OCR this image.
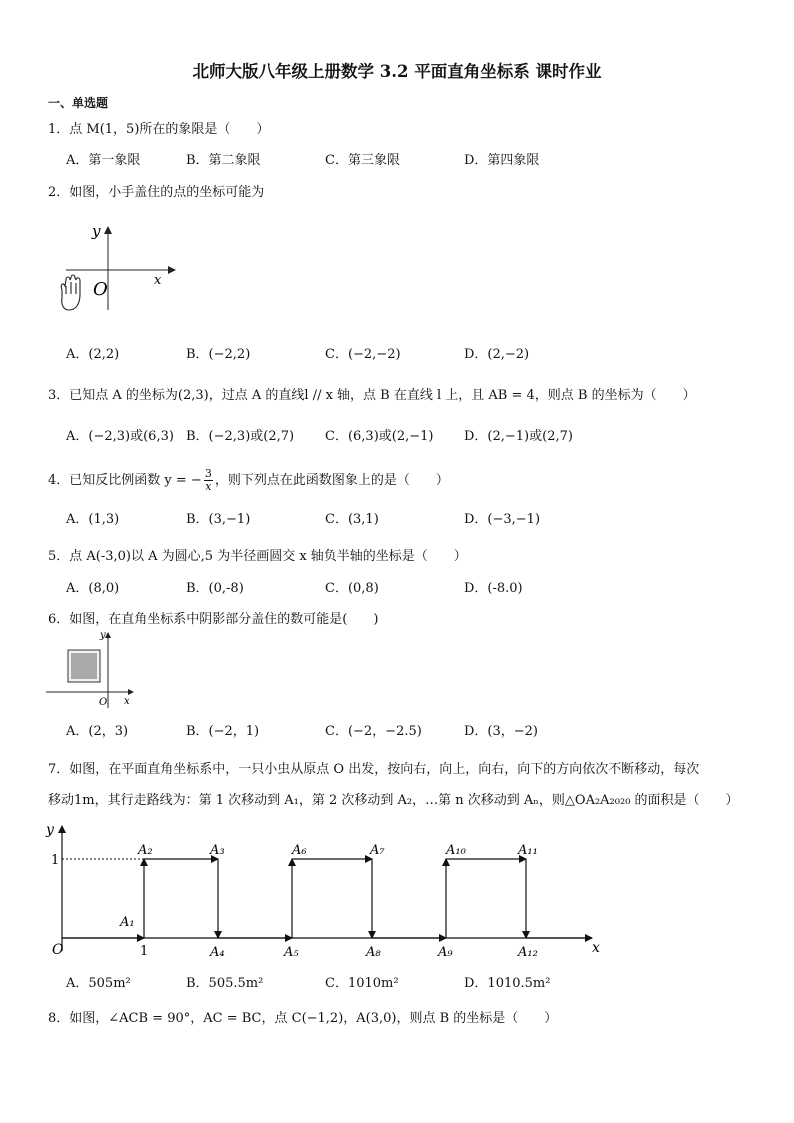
北师大版八年级上册数学 3.2 平面直角坐标系 课时作业
一、单选题
1．点 M(1，5)所在的象限是（　　）
A．第一象限	B．第二象限	C．第三象限	D．第四象限
2．如图，小手盖住的点的坐标可能为
y
x
O
A．(2,2)	B．(−2,2)	C．(−2,−2)	D．(2,−2)
3．已知点 A 的坐标为(2,3)，过点 A 的直线l // x 轴，点 B 在直线 l 上，且 AB = 4，则点 B 的坐标为（　　）
A．(−2,3)或(6,3) B．(−2,3)或(2,7) C．(6,3)或(2,−1) D．(2,−1)或(2,7)
4．已知反比例函数 y = − $\frac{3}{x}$ ，则下列点在此函数图象上的是（　　）
A．(1,3)	B．(3,−1)	C．(3,1)	D．(−3,−1)
5．点 A(-3,0)以 A 为圆心,5 为半径画圆交 x 轴负半轴的坐标是（　　）
A．(8,0)	B．(0,-8)	C．(0,8)	D．(-8.0)
6．如图，在直角坐标系中阴影部分盖住的数可能是(　　)
y
x
O
A．(2，3)	B．(−2，1)	C．(−2，−2.5)	D．(3，−2)
7．如图，在平面直角坐标系中，一只小虫从原点 O 出发，按向右，向上，向右，向下的方向依次不断移动，每次
移动1m，其行走路线为：第 1 次移动到 A₁，第 2 次移动到 A₂，…第 n 次移动到 Aₙ，则△OA₂A₂₀₂₀ 的面积是（　　）
y
x
O
1
A₁
A₂	A₃
A₄	A₅
A₆	A₇
A₈	A₉
A₁₀	A₁₁
A₁₂
1
A．505m²	B．505.5m²	C．1010m²	D．1010.5m²
8．如图，∠ACB = 90°，AC = BC，点 C(−1,2)，A(3,0)，则点 B 的坐标是（　　）
